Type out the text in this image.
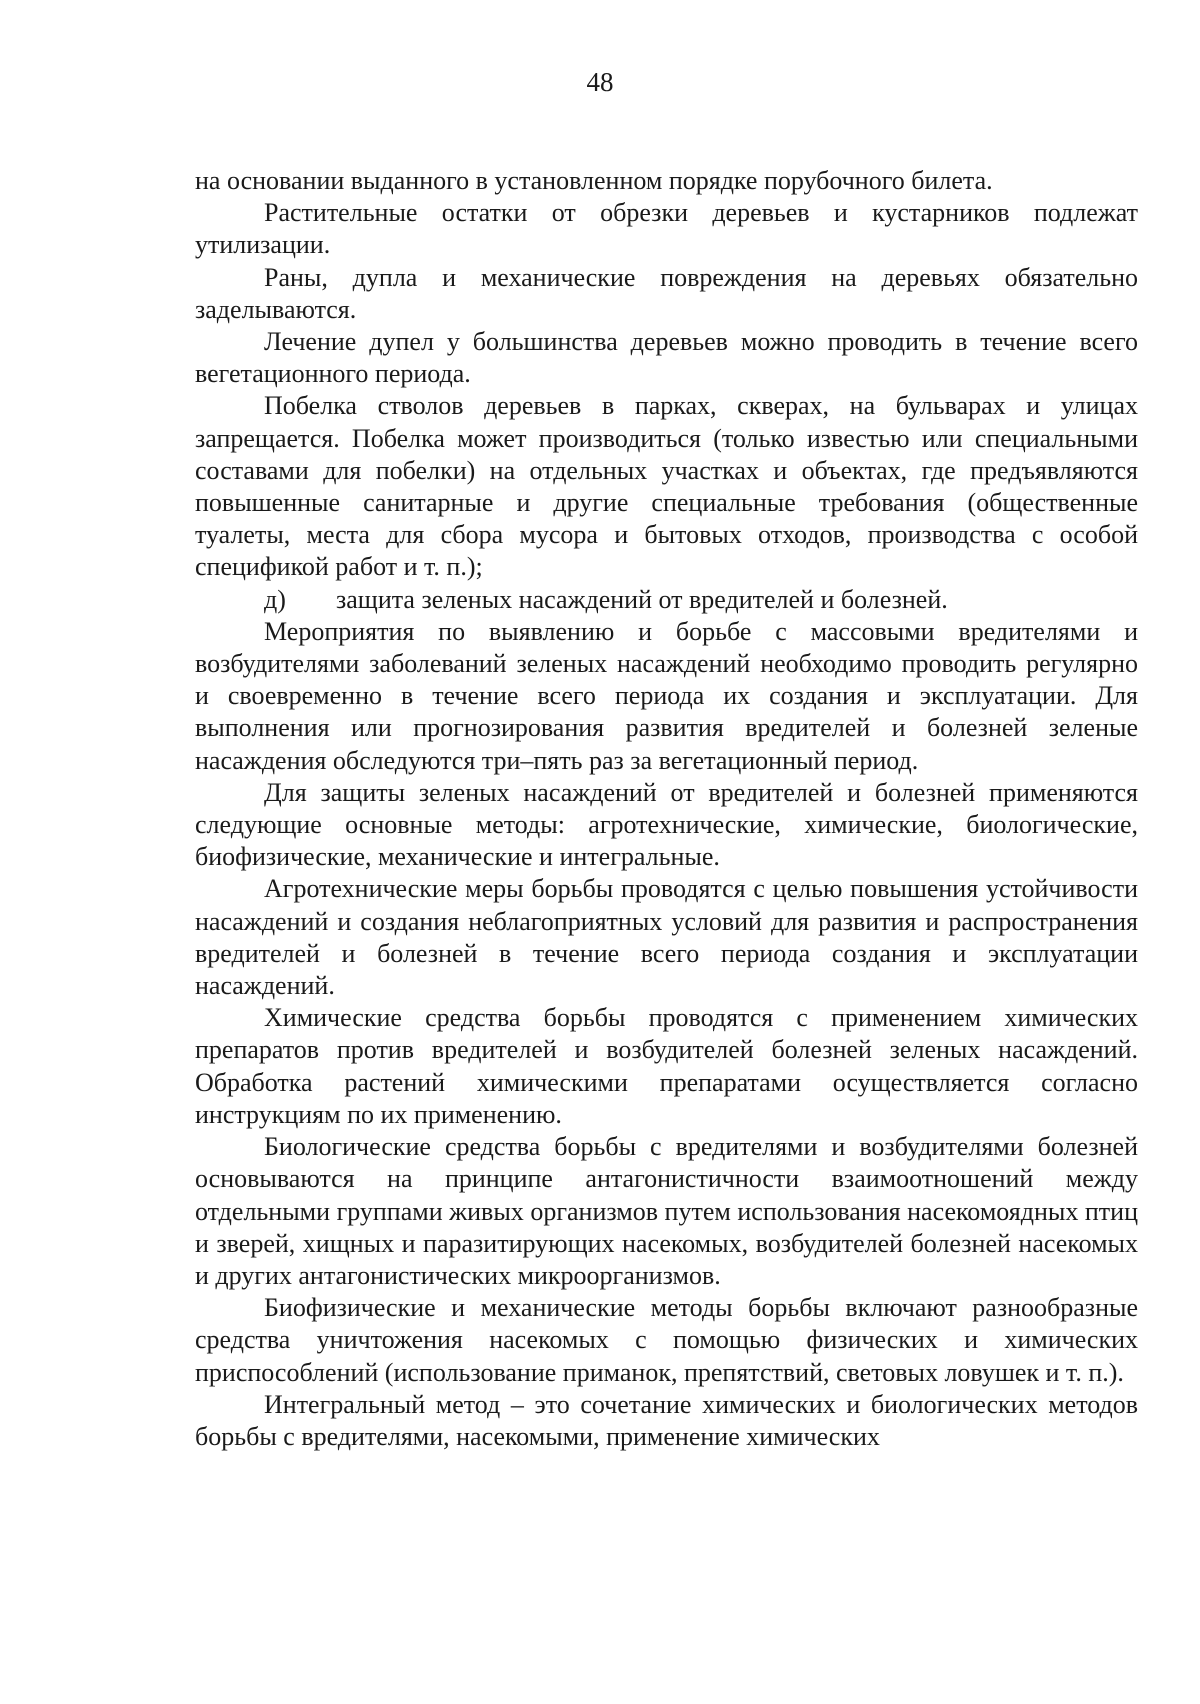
48

на основании выданного в установленном порядке порубочного билета.

Растительные остатки от обрезки деревьев и кустарников подлежат утилизации.

Раны, дупла и механические повреждения на деревьях обязательно заделываются.

Лечение дупел у большинства деревьев можно проводить в течение всего вегетационного периода.

Побелка стволов деревьев в парках, скверах, на бульварах и улицах запрещается. Побелка может производиться (только известью или специальными составами для побелки) на отдельных участках и объектах, где предъявляются повышенные санитарные и другие специальные требования (общественные туалеты, места для сбора мусора и бытовых отходов, производства с особой спецификой работ и т. п.);

д) защита зеленых насаждений от вредителей и болезней.

Мероприятия по выявлению и борьбе с массовыми вредителями и возбудителями заболеваний зеленых насаждений необходимо проводить регулярно и своевременно в течение всего периода их создания и эксплуатации. Для выполнения или прогнозирования развития вредителей и болезней зеленые насаждения обследуются три–пять раз за вегетационный период.

Для защиты зеленых насаждений от вредителей и болезней применяются следующие основные методы: агротехнические, химические, биологические, биофизические, механические и интегральные.

Агротехнические меры борьбы проводятся с целью повышения устойчивости насаждений и создания неблагоприятных условий для развития и распространения вредителей и болезней в течение всего периода создания и эксплуатации насаждений.

Химические средства борьбы проводятся с применением химических препаратов против вредителей и возбудителей болезней зеленых насаждений. Обработка растений химическими препаратами осуществляется согласно инструкциям по их применению.

Биологические средства борьбы с вредителями и возбудителями болезней основываются на принципе антагонистичности взаимоотношений между отдельными группами живых организмов путем использования насекомоядных птиц и зверей, хищных и паразитирующих насекомых, возбудителей болезней насекомых и других антагонистических микроорганизмов.

Биофизические и механические методы борьбы включают разнообразные средства уничтожения насекомых с помощью физических и химических приспособлений (использование приманок, препятствий, световых ловушек и т. п.).

Интегральный метод – это сочетание химических и биологических методов борьбы с вредителями, насекомыми, применение химических
